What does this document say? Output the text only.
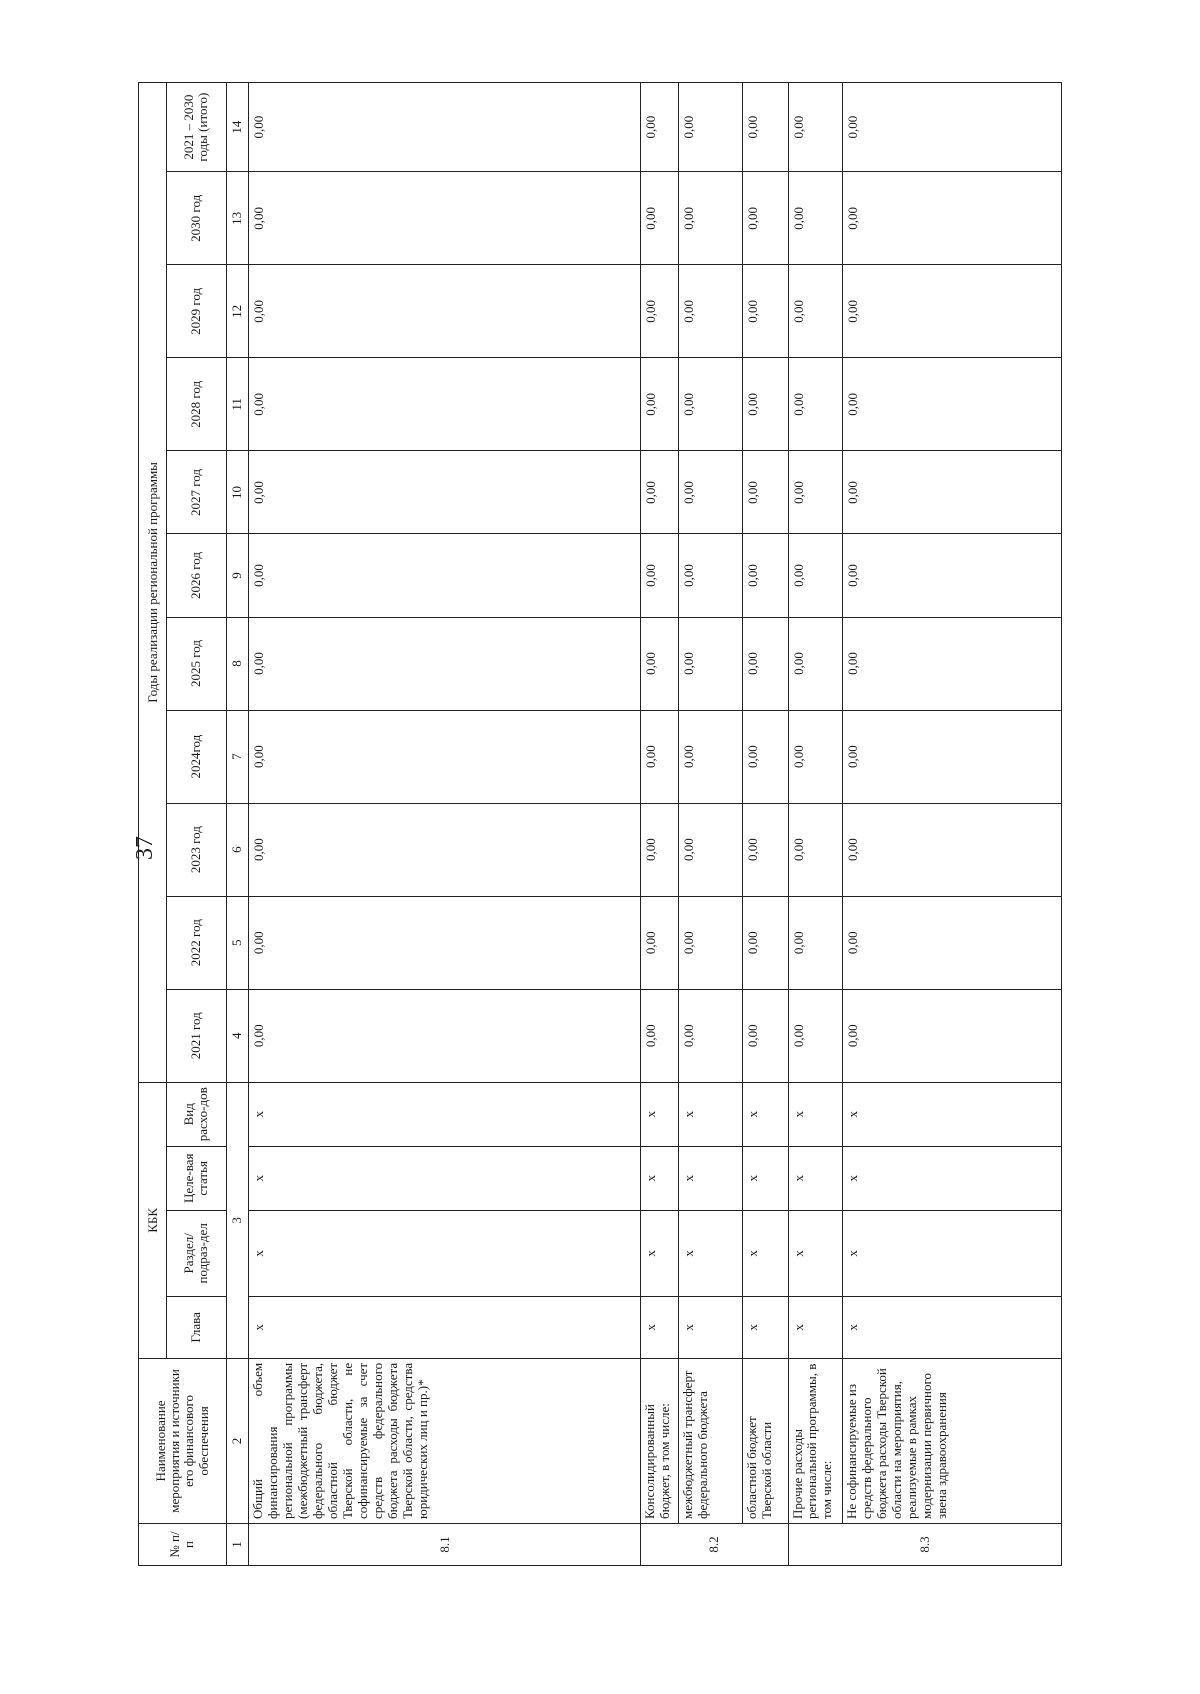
37
№ п/п	Наименование мероприятия и источники его финансового обеспечения	КБК				Годы реализации региональной программы										
		Глава	Раздел/ подраз-дел	Целе-вая статья	Вид расхо-дов	2021 год	2022 год	2023 год	2024год	2025 год	2026 год	2027 год	2028 год	2029 год	2030 год	2021 – 2030 годы (итого)
1	2	3				4	5	6	7	8	9	10	11	12	13	14
8.1	Общий объем финансирования региональной программы (межбюджетный трансферт федерального бюджета, областной бюджет Тверской области, не софинансируемые за счет средств федерального бюджета расходы бюджета Тверской области, средства юридических лиц и пр.)*	x	x	x	x	0,00	0,00	0,00	0,00	0,00	0,00	0,00	0,00	0,00	0,00	0,00
8.2	Консолидированный бюджет, в том числе:	x	x	x	x	0,00	0,00	0,00	0,00	0,00	0,00	0,00	0,00	0,00	0,00	0,00
	межбюджетный трансферт федерального бюджета	x	x	x	x	0,00	0,00	0,00	0,00	0,00	0,00	0,00	0,00	0,00	0,00	0,00
	областной бюджет Тверской области	x	x	x	x	0,00	0,00	0,00	0,00	0,00	0,00	0,00	0,00	0,00	0,00	0,00
8.3	Прочие расходы региональной программы, в том числе:	x	x	x	x	0,00	0,00	0,00	0,00	0,00	0,00	0,00	0,00	0,00	0,00	0,00
	Не софинансируемые из средств федерального бюджета расходы Тверской области на мероприятия, реализуемые в рамках модернизации первичного звена здравоохранения	x	x	x	x	0,00	0,00	0,00	0,00	0,00	0,00	0,00	0,00	0,00	0,00	0,00
